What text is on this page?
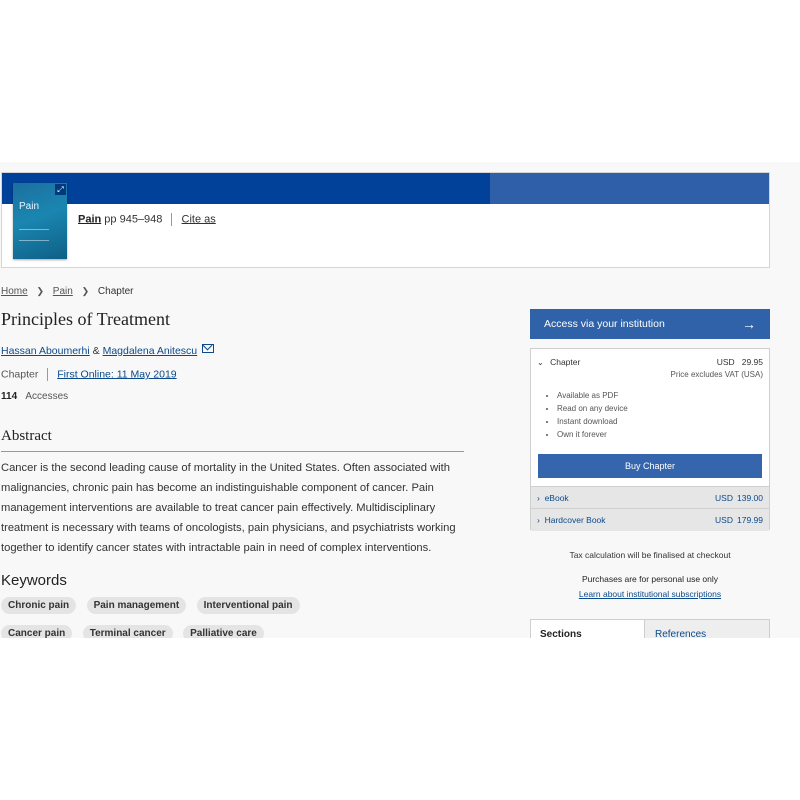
⤢
Pain
Pain pp 945–948 Cite as
Home ❯ Pain ❯ Chapter
Principles of Treatment
Hassan Aboumerhi & Magdalena Anitescu
Chapter First Online: 11 May 2019
114 Accesses
Abstract

Cancer is the second leading cause of mortality in the United States. Often associated with malignancies, chronic pain has become an indistinguishable component of cancer. Pain management interventions are available to treat cancer pain effectively. Multidisciplinary treatment is necessary with teams of oncologists, pain physicians, and psychiatrists working together to identify cancer states with intractable pain in need of complex interventions.

Keywords
Chronic pain Pain management Interventional pain Cancer pain Terminal cancer Palliative care
Access via your institution	→
⌄ Chapter	USD   29.95
Price excludes VAT (USA)
• Available as PDF
• Read on any device
• Instant download
• Own it forever
Buy Chapter
› eBook	USD 139.00
› Hardcover Book	USD 179.99
Tax calculation will be finalised at checkout
Purchases are for personal use only
Learn about institutional subscriptions
Sections	References
